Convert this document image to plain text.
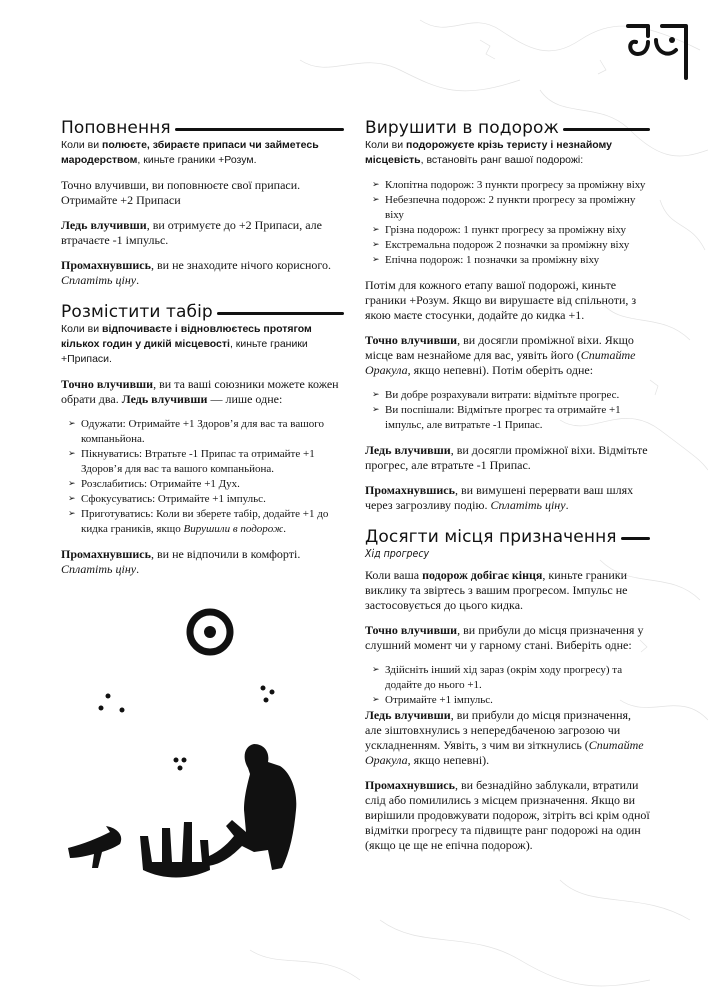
Поповнення

Коли ви полюєте, збираєте припаси чи займетесь мародерством, киньте граники +Розум.

Точно влучивши, ви поповнюєте свої припаси. Отримайте +2 Припаси

Ледь влучивши, ви отримуєте до +2 Припаси, але втрачаєте -1 імпульс.

Промахнувшись, ви не знаходите нічого корисного. Сплатіть ціну.

Розмістити табір

Коли ви відпочиваєте і відновлюєтесь протягом кількох годин у дикій місцевості, киньте граники +Припаси.

Точно влучивши, ви та ваші союзники можете кожен обрати два. Ледь влучивши — лише одне:

➢ Одужати: Отримайте +1 Здоров’я для вас та вашого компаньйона.
➢ Пікнуватись: Втратьте -1 Припас та отримайте +1 Здоров’я для вас та вашого компаньйона.
➢ Розслабитись: Отримайте +1 Дух.
➢ Сфокусуватись: Отримайте +1 імпульс.
➢ Приготуватись: Коли ви зберете табір, додайте +1 до кидка граників, якщо Вирушили в подорож.

Промахнувшись, ви не відпочили в комфорті. Сплатіть ціну.

Вирушити в подорож

Коли ви подорожуєте крізь теристу і незнайому місцевість, встановіть ранг вашої подорожі:

➢ Клопітна подорож: 3 пункти прогресу за проміжну віху
➢ Небезпечна подорож: 2 пункти прогресу за проміжну віху
➢ Грізна подорож: 1 пункт прогресу за проміжну віху
➢ Екстремальна подорож 2 позначки за проміжну віху
➢ Епічна подорож: 1 позначки за проміжну віху

Потім для кожного етапу вашої подорожі, киньте граники +Розум. Якщо ви вирушаєте від спільноти, з якою маєте стосунки, додайте до кидка +1.

Точно влучивши, ви досягли проміжної віхи. Якщо місце вам незнайоме для вас, уявіть його (Спитайте Оракула, якщо непевні). Потім оберіть одне:

➢ Ви добре розрахували витрати: відмітьте прогрес.
➢ Ви поспішали: Відмітьте прогрес та отримайте +1 імпульс, але витратьте -1 Припас.

Ледь влучивши, ви досягли проміжної віхи. Відмітьте прогрес, але втратьте -1 Припас.

Промахнувшись, ви вимушені перервати ваш шлях через загрозливу подію. Сплатіть ціну.

Досягти місця призначення

Хід прогресу

Коли ваша подорож добігає кінця, киньте граники виклику та звіртесь з вашим прогресом. Імпульс не застосовується до цього кидка.

Точно влучивши, ви прибули до місця призначення у слушний момент чи у гарному стані. Виберіть одне:

➢ Здійсніть інший хід зараз (окрім ходу прогресу) та додайте до нього +1.
➢ Отримайте +1 імпульс.

Ледь влучивши, ви прибули до місця призначення, але зіштовхнулись з непередбаченою загрозою чи ускладненням. Уявіть, з чим ви зіткнулись (Спитайте Оракула, якщо непевні).

Промахнувшись, ви безнадійно заблукали, втратили слід або помилились з місцем призначення. Якщо ви вирішили продовжувати подорож, зітріть всі крім одної відмітки прогресу та підвищте ранг подорожі на один (якщо це ще не епічна подорож).
